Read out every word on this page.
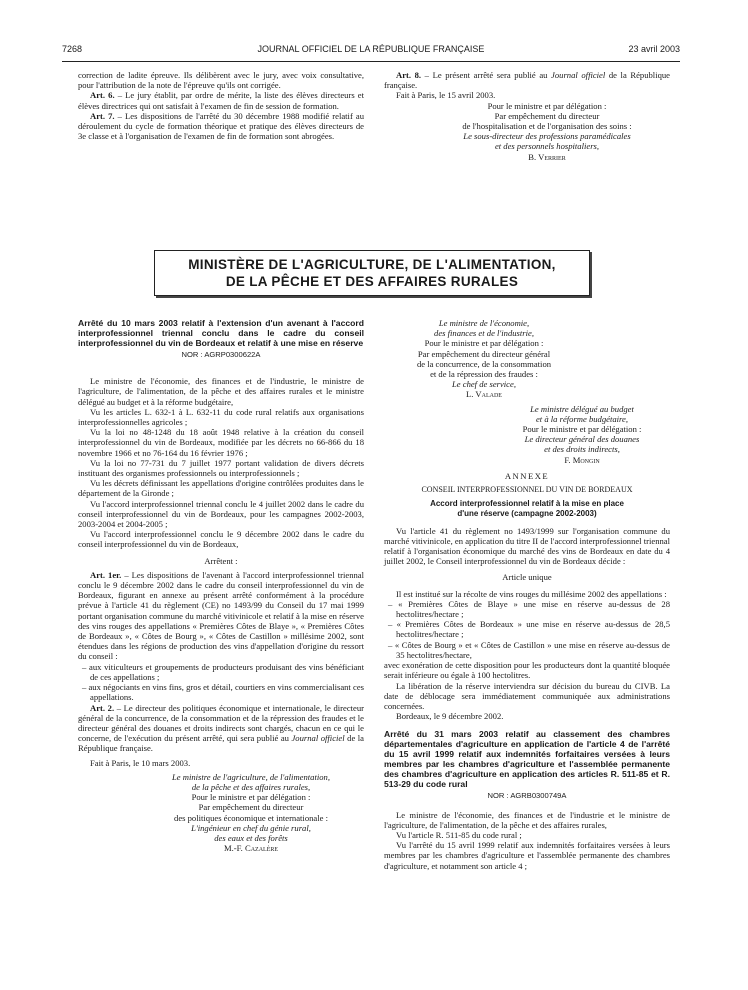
7268	JOURNAL OFFICIEL DE LA RÉPUBLIQUE FRANÇAISE	23 avril 2003

correction de ladite épreuve. Ils délibèrent avec le jury, avec voix consultative, pour l'attribution de la note de l'épreuve qu'ils ont corrigée.

Art. 6. – Le jury établit, par ordre de mérite, la liste des élèves directeurs et élèves directrices qui ont satisfait à l'examen de fin de session de formation.

Art. 7. – Les dispositions de l'arrêté du 30 décembre 1988 modifié relatif au déroulement du cycle de formation théorique et pratique des élèves directeurs de 3e classe et à l'organisation de l'examen de fin de formation sont abrogées.

Art. 8. – Le présent arrêté sera publié au Journal officiel de la République française.

Fait à Paris, le 15 avril 2003.

Pour le ministre et par délégation :
Par empêchement du directeur
de l'hospitalisation et de l'organisation des soins :
Le sous-directeur des professions paramédicales
et des personnels hospitaliers,
B. Verrier
MINISTÈRE DE L'AGRICULTURE, DE L'ALIMENTATION,
DE LA PÊCHE ET DES AFFAIRES RURALES
Arrêté du 10 mars 2003 relatif à l'extension d'un avenant à l'accord interprofessionnel triennal conclu dans le cadre du conseil interprofessionnel du vin de Bordeaux et relatif à une mise en réserve
NOR : AGRP0300622A

Le ministre de l'économie, des finances et de l'industrie, le ministre de l'agriculture, de l'alimentation, de la pêche et des affaires rurales et le ministre délégué au budget et à la réforme budgétaire,

Vu les articles L. 632-1 à L. 632-11 du code rural relatifs aux organisations interprofessionnelles agricoles ;

Vu la loi no 48-1248 du 18 août 1948 relative à la création du conseil interprofessionnel du vin de Bordeaux, modifiée par les décrets no 66-866 du 18 novembre 1966 et no 76-164 du 16 février 1976 ;

Vu la loi no 77-731 du 7 juillet 1977 portant validation de divers décrets instituant des organismes professionnels ou interprofessionnels ;

Vu les décrets définissant les appellations d'origine contrôlées produites dans le département de la Gironde ;

Vu l'accord interprofessionnel triennal conclu le 4 juillet 2002 dans le cadre du conseil interprofessionnel du vin de Bordeaux, pour les campagnes 2002-2003, 2003-2004 et 2004-2005 ;

Vu l'accord interprofessionnel conclu le 9 décembre 2002 dans le cadre du conseil interprofessionnel du vin de Bordeaux,

Arrêtent :

Art. 1er. – Les dispositions de l'avenant à l'accord interprofessionnel triennal conclu le 9 décembre 2002 dans le cadre du conseil interprofessionnel du vin de Bordeaux, figurant en annexe au présent arrêté conformément à la procédure prévue à l'article 41 du règlement (CE) no 1493/99 du Conseil du 17 mai 1999 portant organisation commune du marché vitivinicole et relatif à la mise en réserve des vins rouges des appellations « Premières Côtes de Blaye », « Premières Côtes de Bordeaux », « Côtes de Bourg », « Côtes de Castillon » millésime 2002, sont étendues dans les régions de production des vins d'appellation d'origine du ressort du conseil :

– aux viticulteurs et groupements de producteurs produisant des vins bénéficiant de ces appellations ;
– aux négociants en vins fins, gros et détail, courtiers en vins commercialisant ces appellations.

Art. 2. – Le directeur des politiques économique et internationale, le directeur général de la concurrence, de la consommation et de la répression des fraudes et le directeur général des douanes et droits indirects sont chargés, chacun en ce qui le concerne, de l'exécution du présent arrêté, qui sera publié au Journal officiel de la République française.

Fait à Paris, le 10 mars 2003.

Le ministre de l'agriculture, de l'alimentation,
de la pêche et des affaires rurales,
Pour le ministre et par délégation :
Par empêchement du directeur
des politiques économique et internationale :
L'ingénieur en chef du génie rural,
des eaux et des forêts
M.-F. Cazalère
Le ministre de l'économie,
des finances et de l'industrie,
Pour le ministre et par délégation :
Par empêchement du directeur général
de la concurrence, de la consommation
et de la répression des fraudes :
Le chef de service,
L. Valade
Le ministre délégué au budget
et à la réforme budgétaire,
Pour le ministre et par délégation :
Le directeur général des douanes
et des droits indirects,
F. Mongin
ANNEXE
CONSEIL INTERPROFESSIONNEL DU VIN DE BORDEAUX
Accord interprofessionnel relatif à la mise en place
d'une réserve (campagne 2002-2003)

Vu l'article 41 du règlement no 1493/1999 sur l'organisation commune du marché vitivinicole, en application du titre II de l'accord interprofessionnel triennal relatif à l'organisation économique du marché des vins de Bordeaux en date du 4 juillet 2002, le Conseil interprofessionnel du vin de Bordeaux décide :

Article unique

Il est institué sur la récolte de vins rouges du millésime 2002 des appellations :

– « Premières Côtes de Blaye » une mise en réserve au-dessus de 28 hectolitres/hectare ;
– « Premières Côtes de Bordeaux » une mise en réserve au-dessus de 28,5 hectolitres/hectare ;
– « Côtes de Bourg » et « Côtes de Castillon » une mise en réserve au-dessus de 35 hectolitres/hectare,

avec exonération de cette disposition pour les producteurs dont la quantité bloquée serait inférieure ou égale à 100 hectolitres.

La libération de la réserve interviendra sur décision du bureau du CIVB. La date de déblocage sera immédiatement communiquée aux administrations concernées.

Bordeaux, le 9 décembre 2002.

Arrêté du 31 mars 2003 relatif au classement des chambres départementales d'agriculture en application de l'article 4 de l'arrêté du 15 avril 1999 relatif aux indemnités forfaitaires versées à leurs membres par les chambres d'agriculture et l'assemblée permanente des chambres d'agriculture en application des articles R. 511-85 et R. 513-29 du code rural
NOR : AGRB0300749A

Le ministre de l'économie, des finances et de l'industrie et le ministre de l'agriculture, de l'alimentation, de la pêche et des affaires rurales,

Vu l'article R. 511-85 du code rural ;

Vu l'arrêté du 15 avril 1999 relatif aux indemnités forfaitaires versées à leurs membres par les chambres d'agriculture et l'assemblée permanente des chambres d'agriculture, et notamment son article 4 ;
